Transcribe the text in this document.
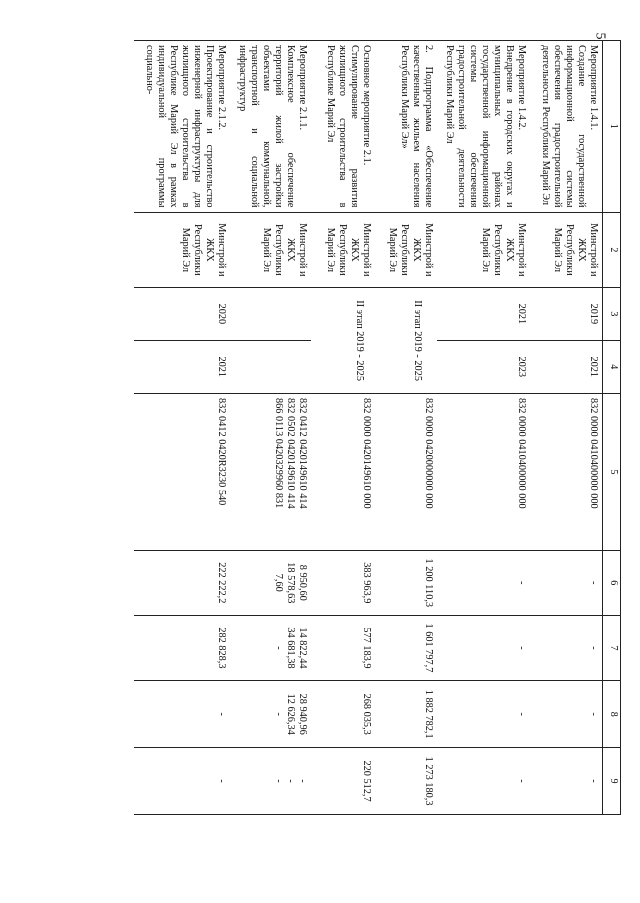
5
1	2	3	4	5	6	7	8	9

Мероприятие 1.4.1.
Создание государственной информационной системы обеспечения градостроительной деятельности Республики Марий Эл	Минстрой и ЖКХ Республики Марий Эл	2019	2021	832 0000 0410400000 000	-	-	-	-

Мероприятие 1.4.2.
Внедрение в городских округах и муниципальных районах государственной информационной системы обеспечения градостроительной деятельности Республики Марий Эл	Минстрой и ЖКХ Республики Марий Эл	2021	2023	832 0000 0410400000 000	-	-	-	-

2. Подпрограмма «Обеспечение качественным жильем населения Республики Марий Эл»	Минстрой и ЖКХ Республики Марий Эл	II этап 2019 - 2025		832 0000 0420000000 000	1 200 110,3	1 601 797,7	1 882 782,1	1 273 180,3

Основное мероприятие 2.1.
Стимулирование развития жилищного строительства в Республике Марий Эл	Минстрой и ЖКХ Республики Марий Эл	II этап 2019 - 2025		832 0000 0420149610 000	383 963,9	577 183,9	268 035,3	220 512,7

Мероприятие 2.1.1.
Комплексное обеспечение территорий жилой застройки объектами коммунальной, транспортной и социальной инфраструктур	Минстрой и ЖКХ Республики Марий Эл			832 0412 0420149610 414
832 0502 0420149610 414
866 0113 0420329960 831	8 950,60
18 578,63
7,60	14 822,44
34 681,38
-	28 940,96
12 626,34
-	-
-
-

Мероприятие 2.1.2.
Проектирование и строительство инженерной инфраструктуры для жилищного строительства в Республике Марий Эл в рамках индивидуальной программы социально-	Минстрой и ЖКХ Республики Марий Эл	2020	2021	832 0412 0420R3230 540	222 222,2	282 828,3	-	-
